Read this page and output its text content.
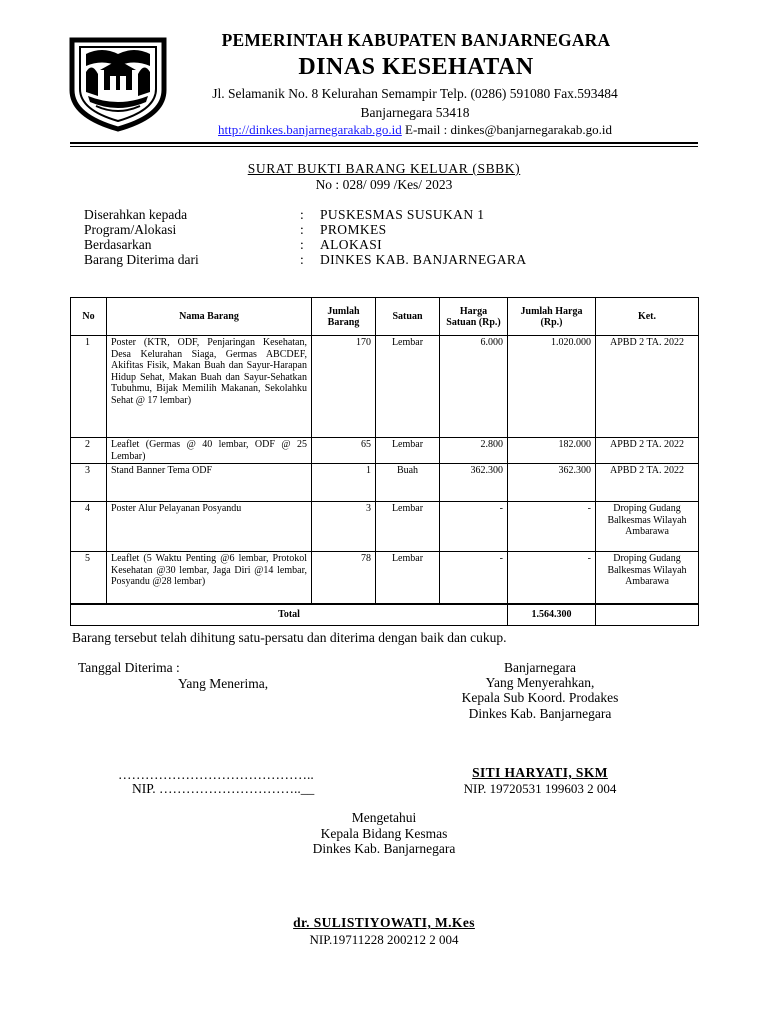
PEMERINTAH KABUPATEN BANJARNEGARA
DINAS KESEHATAN
Jl. Selamanik No. 8 Kelurahan Semampir Telp. (0286) 591080 Fax.593484
Banjarnegara 53418
http://dinkes.banjarnegarakab.go.id E-mail : dinkes@banjarnegarakab.go.id
SURAT BUKTI BARANG KELUAR (SBBK)
No : 028/ 099 /Kes/ 2023
Diserahkan kepada	: PUSKESMAS SUSUKAN 1
Program/Alokasi	: PROMKES
Berdasarkan	: ALOKASI
Barang Diterima dari	: DINKES KAB. BANJARNEGARA
No	Nama Barang	Jumlah Barang	Satuan	Harga Satuan (Rp.)	Jumlah Harga (Rp.)	Ket.
1	Poster (KTR, ODF, Penjaringan Kesehatan, Desa Kelurahan Siaga, Germas ABCDEF, Akifitas Fisik, Makan Buah dan Sayur-Harapan Hidup Sehat, Makan Buah dan Sayur-Sehatkan Tubuhmu, Bijak Memilih Makanan, Sekolahku Sehat @ 17 lembar)	170	Lembar	6.000	1.020.000	APBD 2 TA. 2022
2	Leaflet (Germas @ 40 lembar, ODF @ 25 Lembar)	65	Lembar	2.800	182.000	APBD 2 TA. 2022
3	Stand Banner Tema ODF	1	Buah	362.300	362.300	APBD 2 TA. 2022
4	Poster Alur Pelayanan Posyandu	3	Lembar	-	-	Droping Gudang Balkesmas Wilayah Ambarawa
5	Leaflet (5 Waktu Penting @6 lembar, Protokol Kesehatan @30 lembar, Jaga Diri @14 lembar, Posyandu @28 lembar)	78	Lembar	-	-	Droping Gudang Balkesmas Wilayah Ambarawa
Total					1.564.300	
Barang tersebut telah dihitung satu-persatu dan diterima dengan baik dan cukup.
Tanggal Diterima :
Yang Menerima,
……………………………………..
NIP. …………………………..__
Banjarnegara
Yang Menyerahkan,
Kepala Sub Koord. Prodakes
Dinkes Kab. Banjarnegara
SITI HARYATI, SKM
NIP. 19720531 199603 2 004
Mengetahui
Kepala Bidang Kesmas
Dinkes Kab. Banjarnegara
dr. SULISTIYOWATI, M.Kes
NIP.19711228 200212 2 004
